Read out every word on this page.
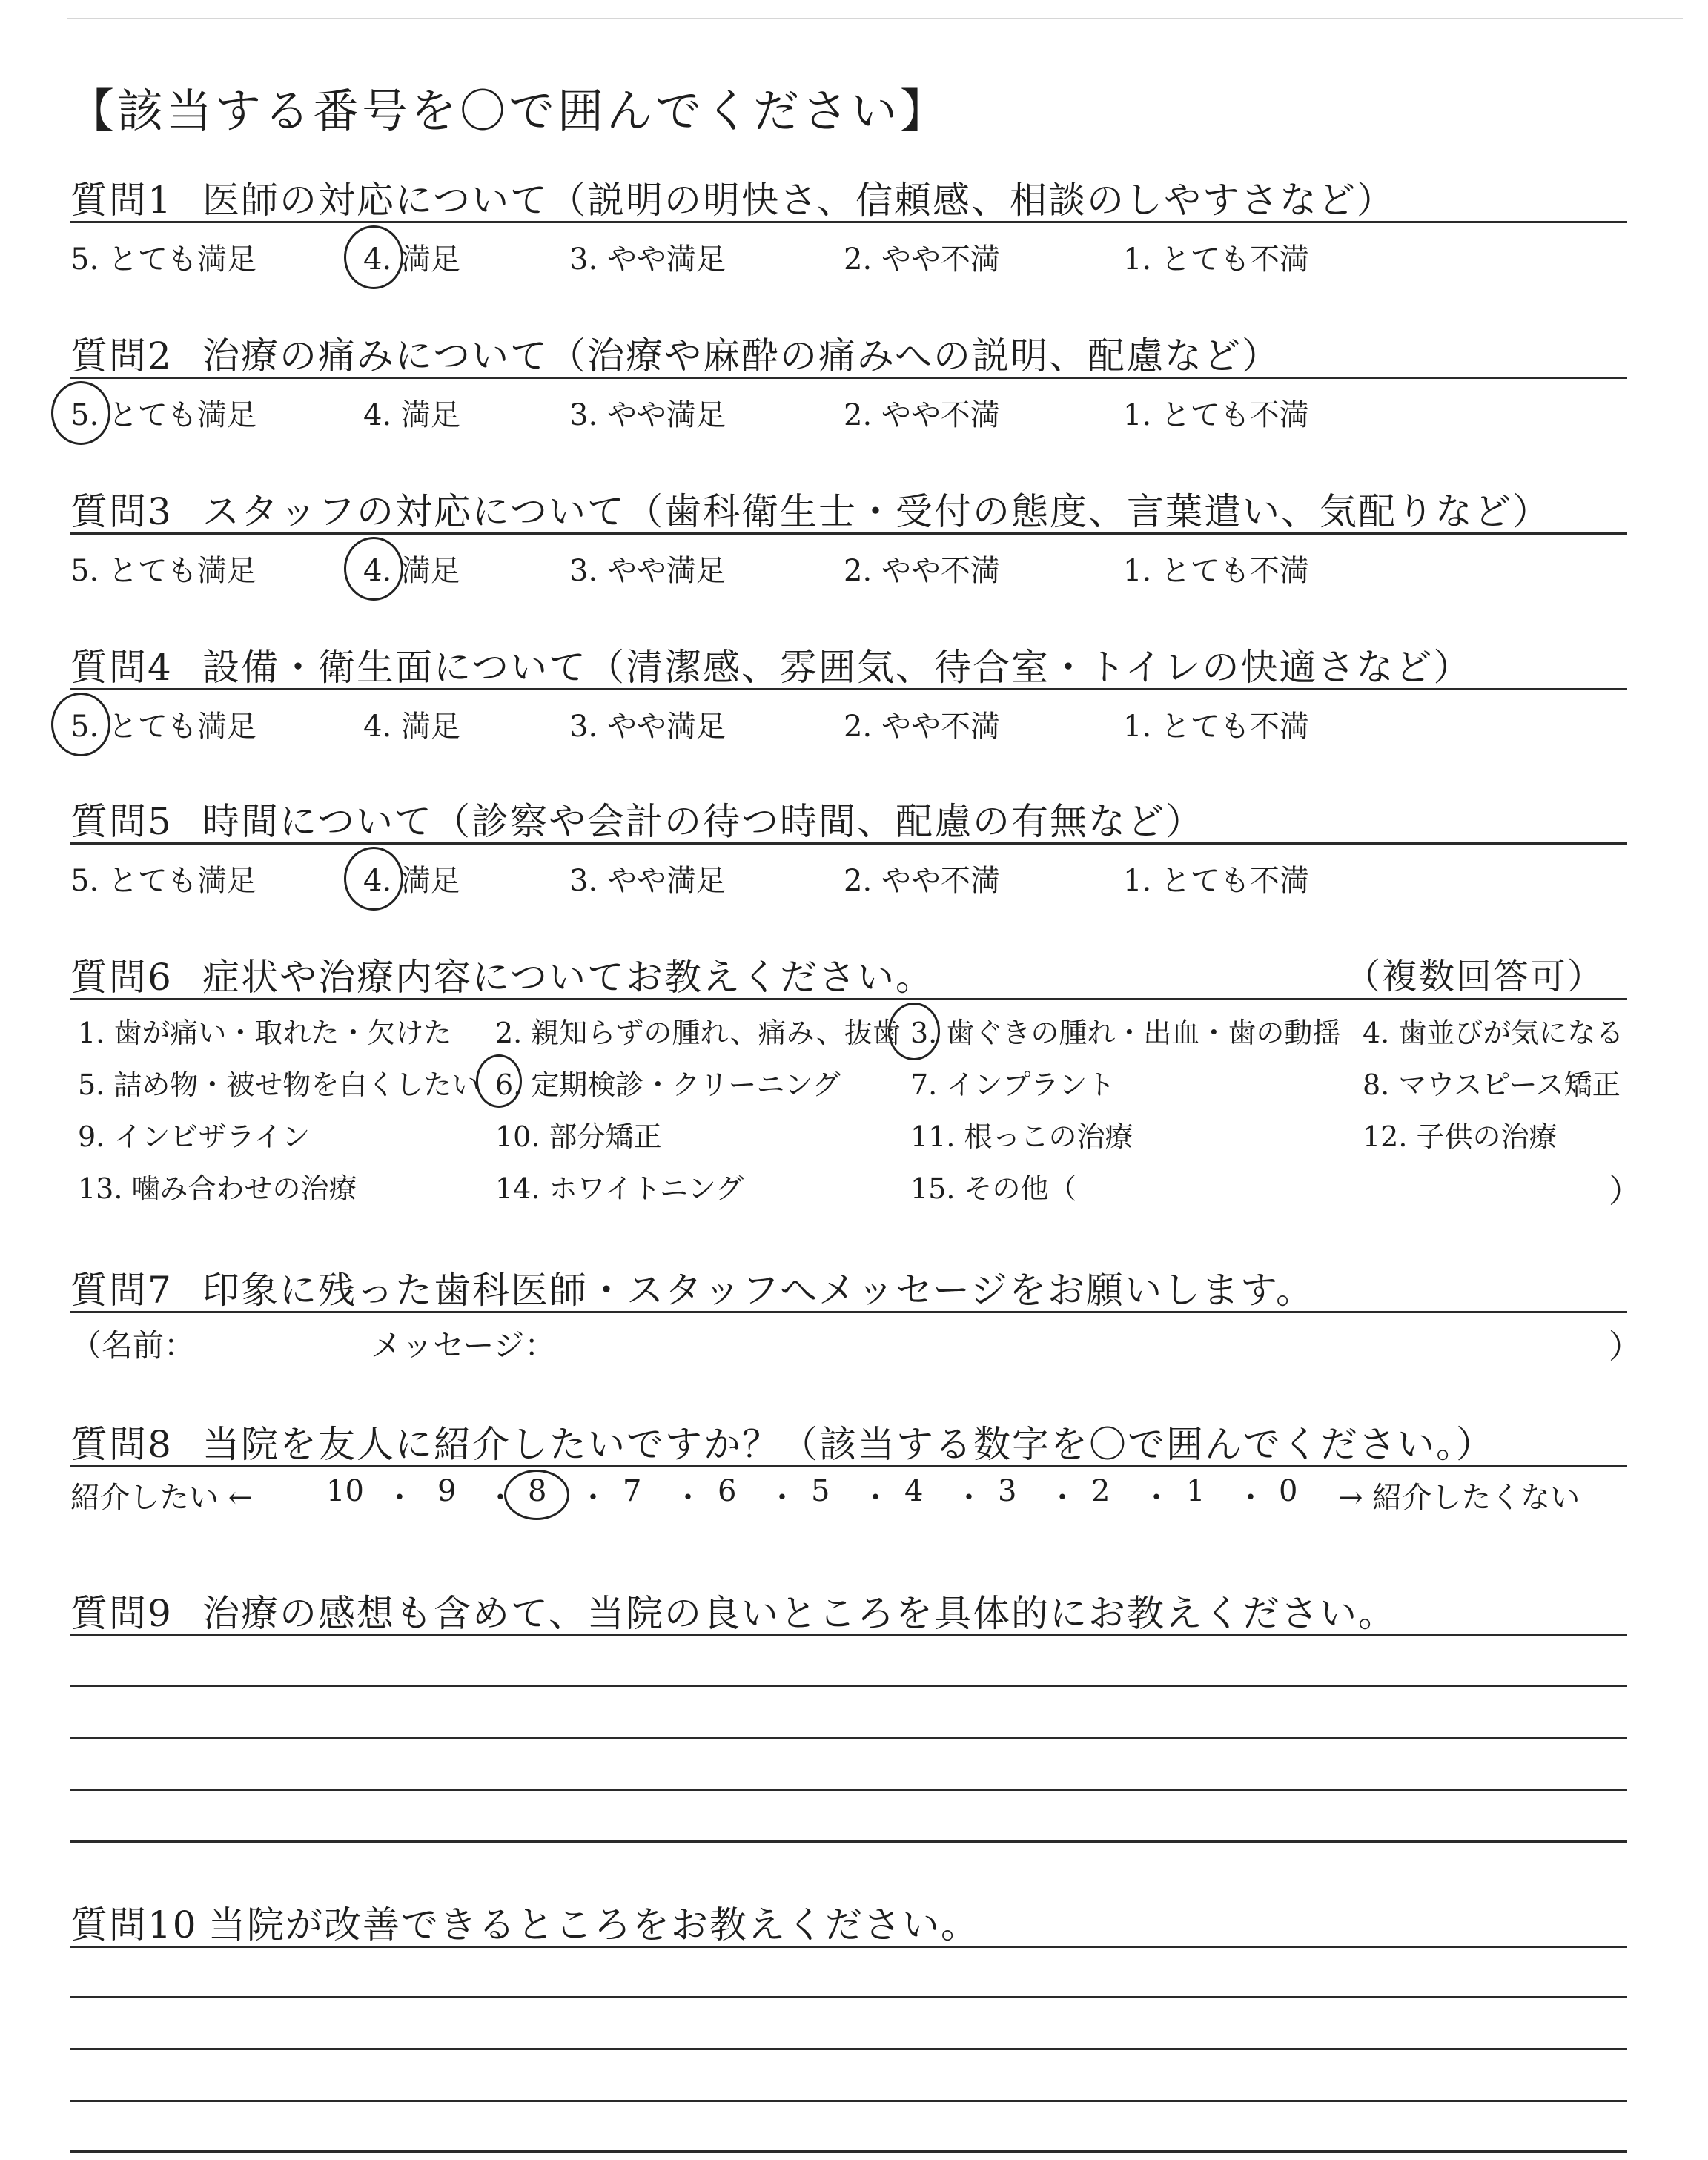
【該当する番号を〇で囲んでください】
質問1 医師の対応について（説明の明快さ、信頼感、相談のしやすさなど）
5. とても満足	4. 満足	3. やや満足	2. やや不満	1. とても不満
質問2 治療の痛みについて（治療や麻酔の痛みへの説明、配慮など）
5. とても満足	4. 満足	3. やや満足	2. やや不満	1. とても不満
質問3 スタッフの対応について（歯科衛生士・受付の態度、言葉遣い、気配りなど）
5. とても満足	4. 満足	3. やや満足	2. やや不満	1. とても不満
質問4 設備・衛生面について（清潔感、雰囲気、待合室・トイレの快適さなど）
5. とても満足	4. 満足	3. やや満足	2. やや不満	1. とても不満
質問5 時間について（診察や会計の待つ時間、配慮の有無など）
5. とても満足	4. 満足	3. やや満足	2. やや不満	1. とても不満
質問6 症状や治療内容についてお教えください。	（複数回答可）
1. 歯が痛い・取れた・欠けた 2. 親知らずの腫れ、痛み、抜歯 3. 歯ぐきの腫れ・出血・歯の動揺 4. 歯並びが気になる
5. 詰め物・被せ物を白くしたい 6. 定期検診・クリーニング 7. インプラント	8. マウスピース矯正
9. インビザライン	10. 部分矯正	11. 根っこの治療	12. 子供の治療
13. 噛み合わせの治療	14. ホワイトニング	15. その他（	）
質問7 印象に残った歯科医師・スタッフへメッセージをお願いします。
（名前：	メッセージ：	）
質問8 当院を友人に紹介したいですか？（該当する数字を〇で囲んでください。）
紹介したい ← 10 ・ 9 ・ 8 ・ 7 ・ 6 ・ 5 ・ 4 ・ 3 ・ 2 ・ 1 ・ 0 → 紹介したくない
質問9 治療の感想も含めて、当院の良いところを具体的にお教えください。
質問10 当院が改善できるところをお教えください。
